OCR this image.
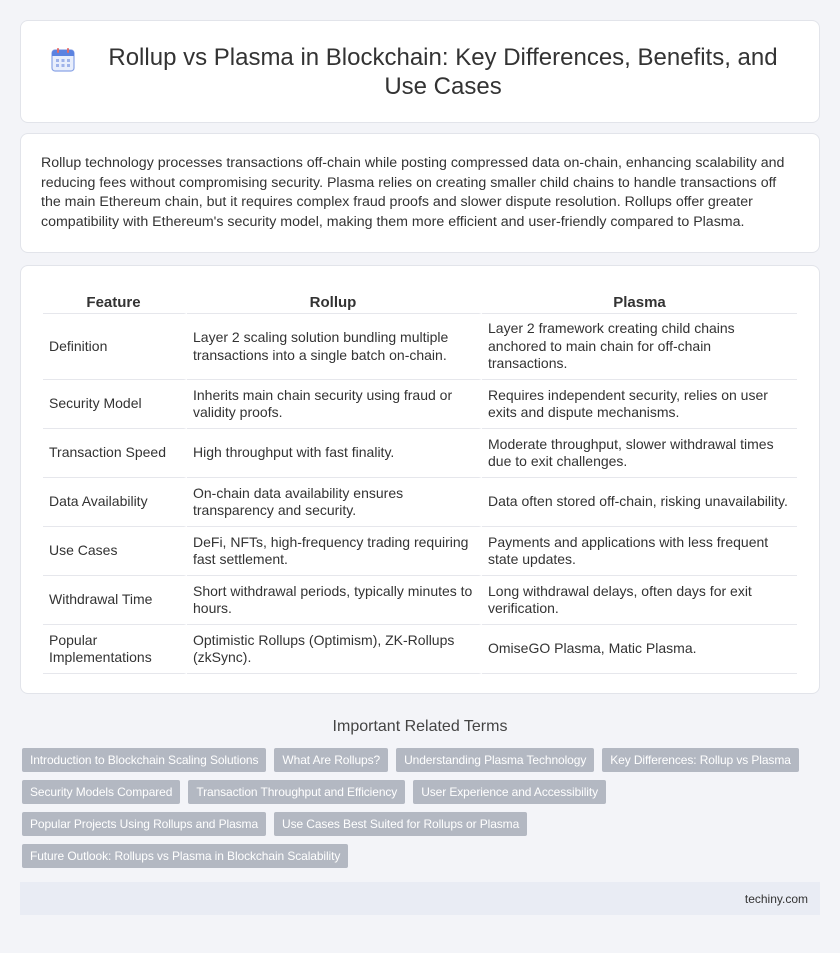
Rollup vs Plasma in Blockchain: Key Differences, Benefits, and Use Cases

Rollup technology processes transactions off-chain while posting compressed data on-chain, enhancing scalability and reducing fees without compromising security. Plasma relies on creating smaller child chains to handle transactions off the main Ethereum chain, but it requires complex fraud proofs and slower dispute resolution. Rollups offer greater compatibility with Ethereum's security model, making them more efficient and user-friendly compared to Plasma.

Feature	Rollup	Plasma
Definition	Layer 2 scaling solution bundling multiple transactions into a single batch on-chain.	Layer 2 framework creating child chains anchored to main chain for off-chain transactions.
Security Model	Inherits main chain security using fraud or validity proofs.	Requires independent security, relies on user exits and dispute mechanisms.
Transaction Speed	High throughput with fast finality.	Moderate throughput, slower withdrawal times due to exit challenges.
Data Availability	On-chain data availability ensures transparency and security.	Data often stored off-chain, risking unavailability.
Use Cases	DeFi, NFTs, high-frequency trading requiring fast settlement.	Payments and applications with less frequent state updates.
Withdrawal Time	Short withdrawal periods, typically minutes to hours.	Long withdrawal delays, often days for exit verification.
Popular Implementations	Optimistic Rollups (Optimism), ZK-Rollups (zkSync).	OmiseGO Plasma, Matic Plasma.
Important Related Terms
Introduction to Blockchain Scaling Solutions	What Are Rollups?	Understanding Plasma Technology	Key Differences: Rollup vs Plasma
Security Models Compared	Transaction Throughput and Efficiency	User Experience and Accessibility
Popular Projects Using Rollups and Plasma	Use Cases Best Suited for Rollups or Plasma
Future Outlook: Rollups vs Plasma in Blockchain Scalability
techiny.com
